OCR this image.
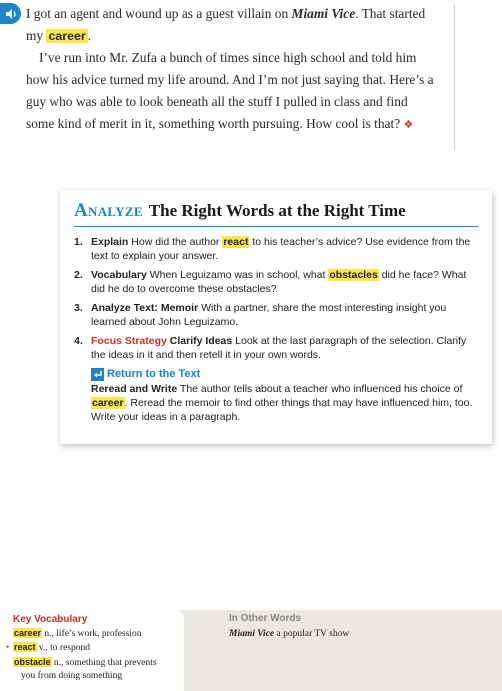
I got an agent and wound up as a guest villain on Miami Vice. That started my career .

I’ve run into Mr. Zufa a bunch of times since high school and told him how his advice turned my life around. And I’m not just saying that. Here’s a guy who was able to look beneath all the stuff I pulled in class and find some kind of merit in it, something worth pursuing. How cool is that? ❖

Analyze The Right Words at the Right Time
1. Explain How did the author react to his teacher’s advice? Use evidence from the text to explain your answer.
2. Vocabulary When Leguizamo was in school, what obstacles did he face? What did he do to overcome these obstacles?
3. Analyze Text: Memoir With a partner, share the most interesting insight you learned about John Leguizamo.
4. Focus Strategy Clarify Ideas Look at the last paragraph of the selection. Clarify the ideas in it and then retell it in your own words.
Return to the Text
Reread and Write The author tells about a teacher who influenced his choice of career. Reread the memoir to find other things that may have influenced him, too. Write your ideas in a paragraph.
Key Vocabulary
career n., life’s work, profession
• react v., to respond
obstacle n., something that prevents
you from doing something
In Other Words
Miami Vice a popular TV show
